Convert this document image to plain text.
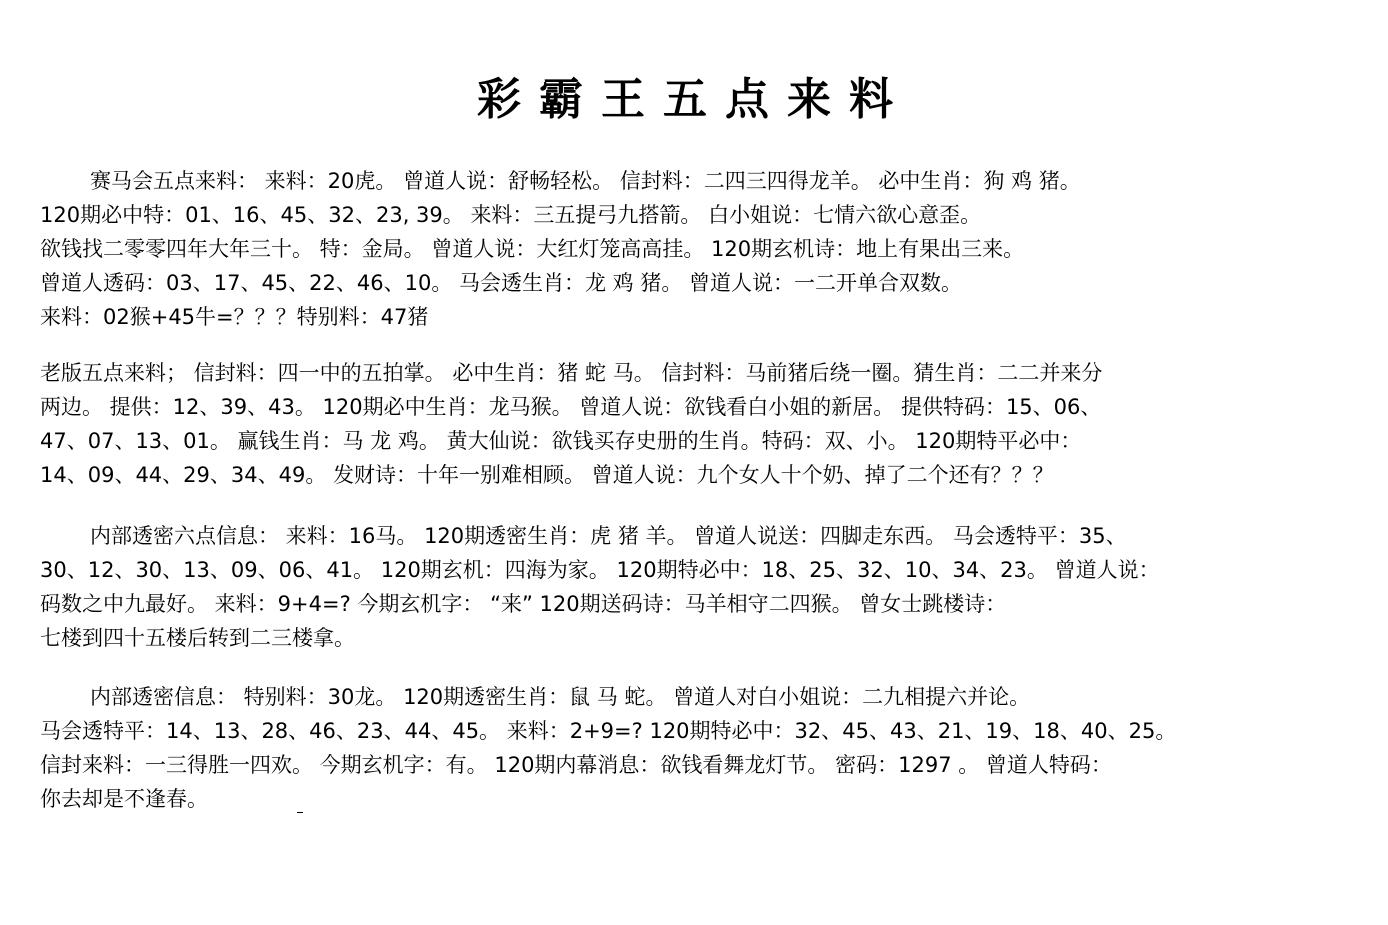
彩霸王五点来料
赛马会五点来料： 来料：20虎。 曾道人说：舒畅轻松。 信封料：二四三四得龙羊。 必中生肖：狗 鸡 猪。
120期必中特：01、16、45、32、23, 39。 来料：三五提弓九搭箭。 白小姐说：七情六欲心意歪。
欲钱找二零零四年大年三十。 特：金局。 曾道人说：大红灯笼高高挂。 120期玄机诗：地上有果出三来。
曾道人透码：03、17、45、22、46、10。 马会透生肖：龙 鸡 猪。 曾道人说：一二开单合双数。
来料：02猴+45牛=？？？特别料：47猪
老版五点来料； 信封料：四一中的五拍掌。 必中生肖：猪 蛇 马。 信封料：马前猪后绕一圈。猜生肖：二二并来分
两边。 提供：12、39、43。 120期必中生肖：龙马猴。 曾道人说：欲钱看白小姐的新居。 提供特码：15、06、
47、07、13、01。 赢钱生肖：马 龙 鸡。 黄大仙说：欲钱买存史册的生肖。特码：双、小。 120期特平必中：
14、09、44、29、34、49。 发财诗：十年一别难相顾。 曾道人说：九个女人十个奶、掉了二个还有？？？
内部透密六点信息： 来料：16马。 120期透密生肖：虎 猪 羊。 曾道人说送：四脚走东西。 马会透特平：35、
30、12、30、13、09、06、41。 120期玄机：四海为家。 120期特必中：18、25、32、10、34、23。 曾道人说：
码数之中九最好。 来料：9+4=? 今期玄机字： “来” 120期送码诗：马羊相守二四猴。 曾女士跳楼诗：
七楼到四十五楼后转到二三楼拿。
内部透密信息： 特别料：30龙。 120期透密生肖：鼠 马 蛇。 曾道人对白小姐说：二九相提六并论。
马会透特平：14、13、28、46、23、44、45。 来料：2+9=? 120期特必中：32、45、43、21、19、18、40、25。
信封来料：一三得胜一四欢。 今期玄机字：有。 120期内幕消息：欲钱看舞龙灯节。 密码：1297 。 曾道人特码：
你去却是不逢春。
